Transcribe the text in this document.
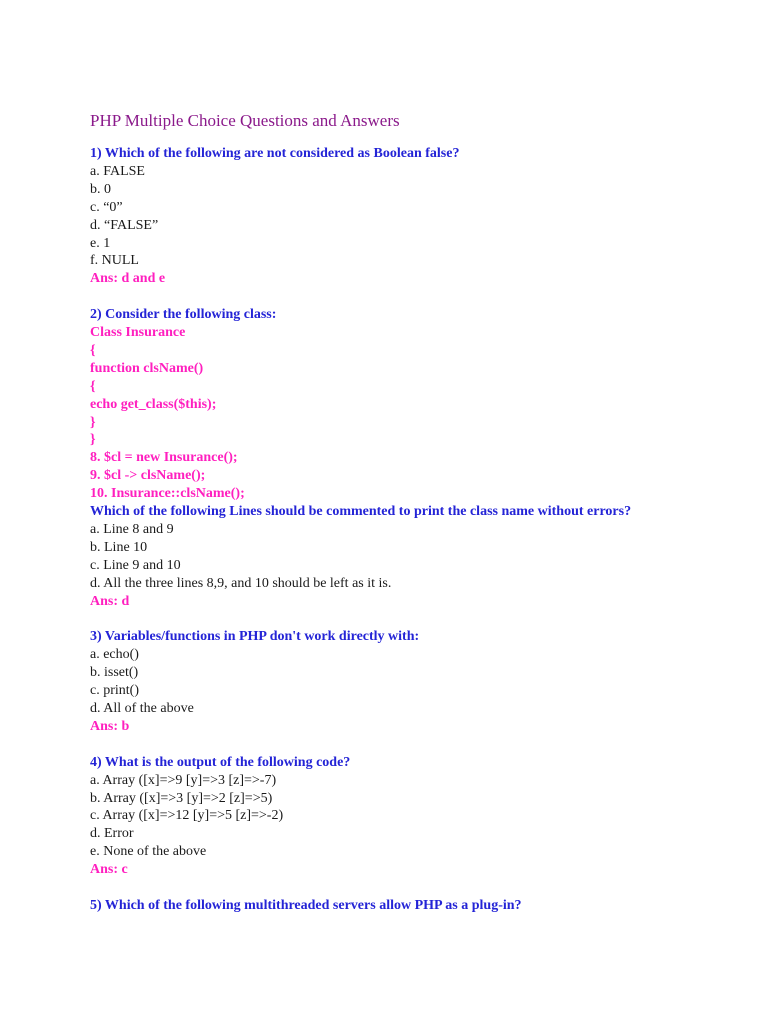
PHP Multiple Choice Questions and Answers
1) Which of the following are not considered as Boolean false?
a. FALSE
b. 0
c. “0”
d. “FALSE”
e. 1
f. NULL
Ans: d and e
2) Consider the following class:
Class Insurance
{
function clsName()
{
echo get_class($this);
}
}
8. $cl = new Insurance();
9. $cl -> clsName();
10. Insurance::clsName();
Which of the following Lines should be commented to print the class name without errors?
a. Line 8 and 9
b. Line 10
c. Line 9 and 10
d. All the three lines 8,9, and 10 should be left as it is.
Ans: d
3) Variables/functions in PHP don't work directly with:
a. echo()
b. isset()
c. print()
d. All of the above
Ans: b
4) What is the output of the following code?
a. Array ([x]=>9 [y]=>3 [z]=>-7)
b. Array ([x]=>3 [y]=>2 [z]=>5)
c. Array ([x]=>12 [y]=>5 [z]=>-2)
d. Error
e. None of the above
Ans: c
5) Which of the following multithreaded servers allow PHP as a plug-in?
